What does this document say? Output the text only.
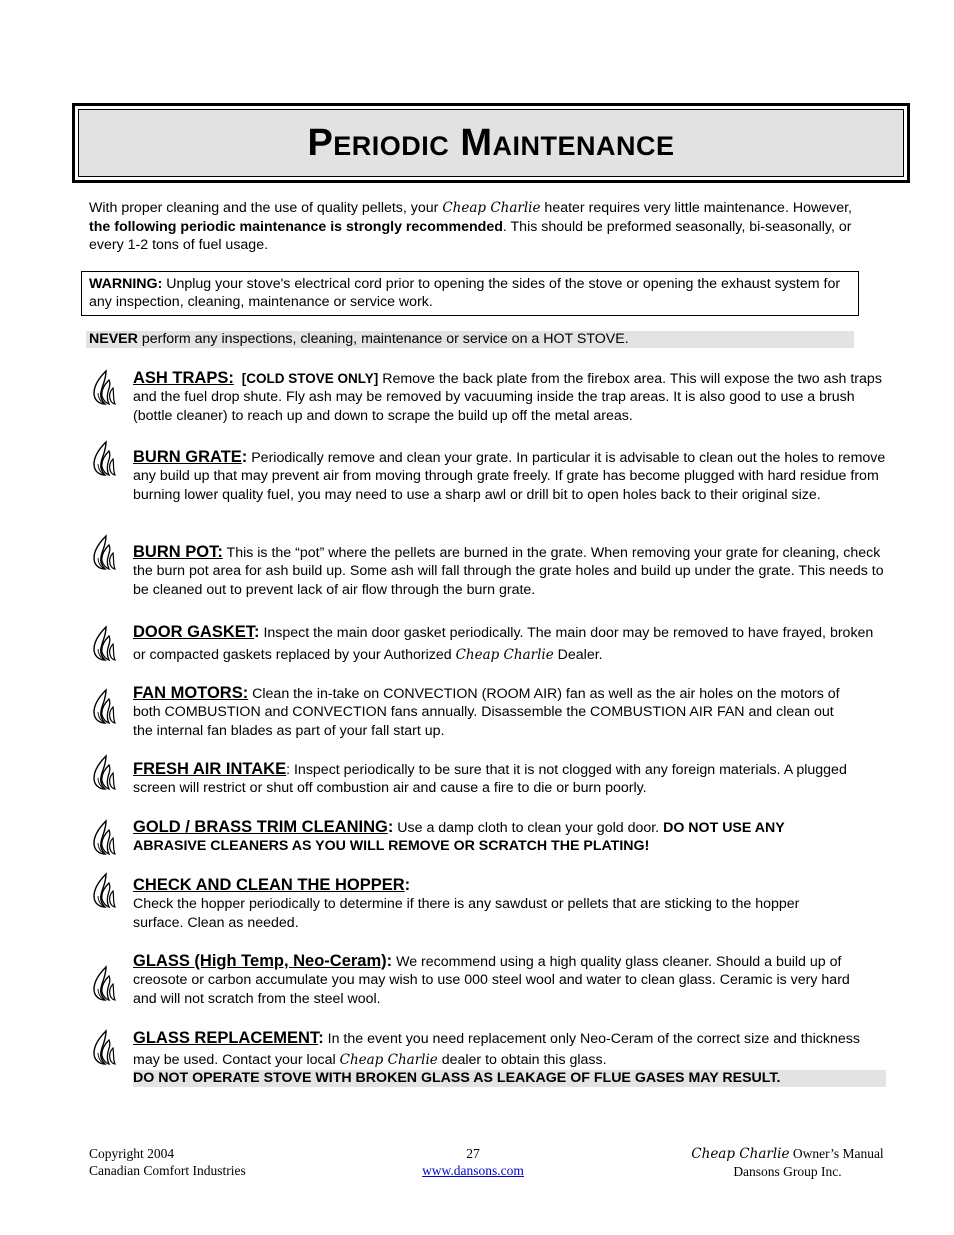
Periodic Maintenance
With proper cleaning and the use of quality pellets, your Cheap Charlie heater requires very little maintenance. However, the following periodic maintenance is strongly recommended. This should be preformed seasonally, bi-seasonally, or every 1-2 tons of fuel usage.
WARNING: Unplug your stove's electrical cord prior to opening the sides of the stove or opening the exhaust system for any inspection, cleaning, maintenance or service work.
NEVER perform any inspections, cleaning, maintenance or service on a HOT STOVE.
ASH TRAPS: [COLD STOVE ONLY] Remove the back plate from the firebox area. This will expose the two ash traps and the fuel drop shute. Fly ash may be removed by vacuuming inside the trap areas. It is also good to use a brush (bottle cleaner) to reach up and down to scrape the build up off the metal areas.
BURN GRATE: Periodically remove and clean your grate. In particular it is advisable to clean out the holes to remove any build up that may prevent air from moving through grate freely. If grate has become plugged with hard residue from burning lower quality fuel, you may need to use a sharp awl or drill bit to open holes back to their original size.
BURN POT: This is the “pot” where the pellets are burned in the grate. When removing your grate for cleaning, check the burn pot area for ash build up. Some ash will fall through the grate holes and build up under the grate. This needs to be cleaned out to prevent lack of air flow through the burn grate.
DOOR GASKET: Inspect the main door gasket periodically. The main door may be removed to have frayed, broken or compacted gaskets replaced by your Authorized Cheap Charlie Dealer.
FAN MOTORS: Clean the in-take on CONVECTION (ROOM AIR) fan as well as the air holes on the motors of both COMBUSTION and CONVECTION fans annually. Disassemble the COMBUSTION AIR FAN and clean out the internal fan blades as part of your fall start up.
FRESH AIR INTAKE: Inspect periodically to be sure that it is not clogged with any foreign materials. A plugged screen will restrict or shut off combustion air and cause a fire to die or burn poorly.
GOLD / BRASS TRIM CLEANING: Use a damp cloth to clean your gold door. DO NOT USE ANY ABRASIVE CLEANERS AS YOU WILL REMOVE OR SCRATCH THE PLATING!
CHECK AND CLEAN THE HOPPER:
Check the hopper periodically to determine if there is any sawdust or pellets that are sticking to the hopper surface. Clean as needed.
GLASS (High Temp, Neo-Ceram): We recommend using a high quality glass cleaner. Should a build up of creosote or carbon accumulate you may wish to use 000 steel wool and water to clean glass. Ceramic is very hard and will not scratch from the steel wool.
GLASS REPLACEMENT: In the event you need replacement only Neo-Ceram of the correct size and thickness may be used. Contact your local Cheap Charlie dealer to obtain this glass.
DO NOT OPERATE STOVE WITH BROKEN GLASS AS LEAKAGE OF FLUE GASES MAY RESULT.
Copyright 2004
Canadian Comfort Industries
27
www.dansons.com
Cheap Charlie Owner’s Manual
Dansons Group Inc.
